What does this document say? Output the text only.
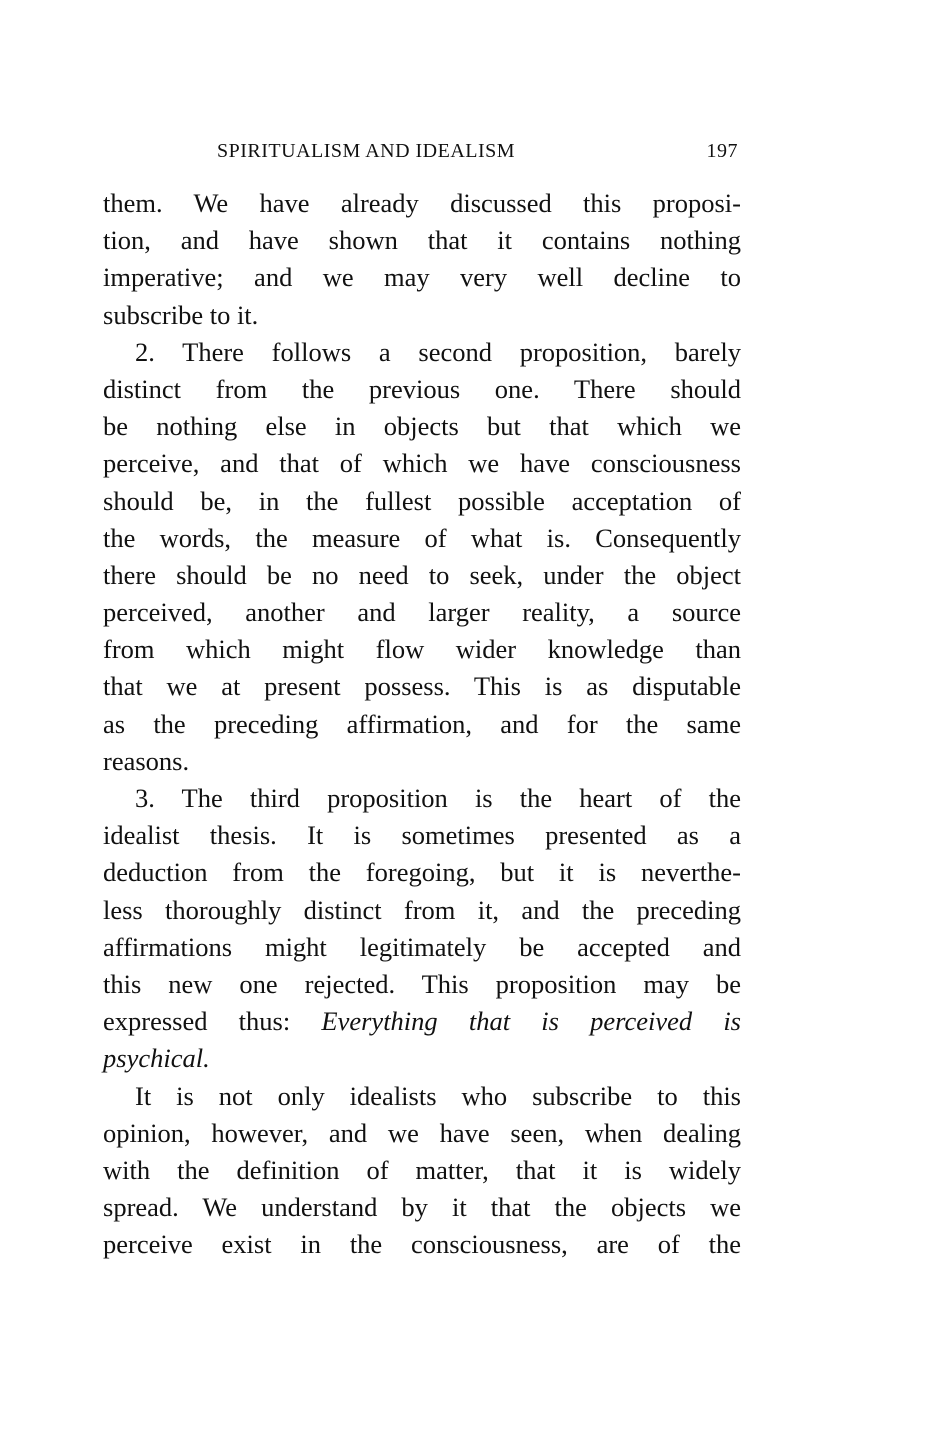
SPIRITUALISM AND IDEALISM	197
them. We have already discussed this proposi-
tion, and have shown that it contains nothing
imperative; and we may very well decline to
subscribe to it.
2. There follows a second proposition, barely
distinct from the previous one. There should
be nothing else in objects but that which we
perceive, and that of which we have consciousness
should be, in the fullest possible acceptation of
the words, the measure of what is. Consequently
there should be no need to seek, under the object
perceived, another and larger reality, a source
from which might flow wider knowledge than
that we at present possess. This is as disputable
as the preceding affirmation, and for the same
reasons.
3. The third proposition is the heart of the
idealist thesis. It is sometimes presented as a
deduction from the foregoing, but it is neverthe-
less thoroughly distinct from it, and the preceding
affirmations might legitimately be accepted and
this new one rejected. This proposition may be
expressed thus: Everything that is perceived is
psychical.
It is not only idealists who subscribe to this
opinion, however, and we have seen, when dealing
with the definition of matter, that it is widely
spread. We understand by it that the objects we
perceive exist in the consciousness, are of the
